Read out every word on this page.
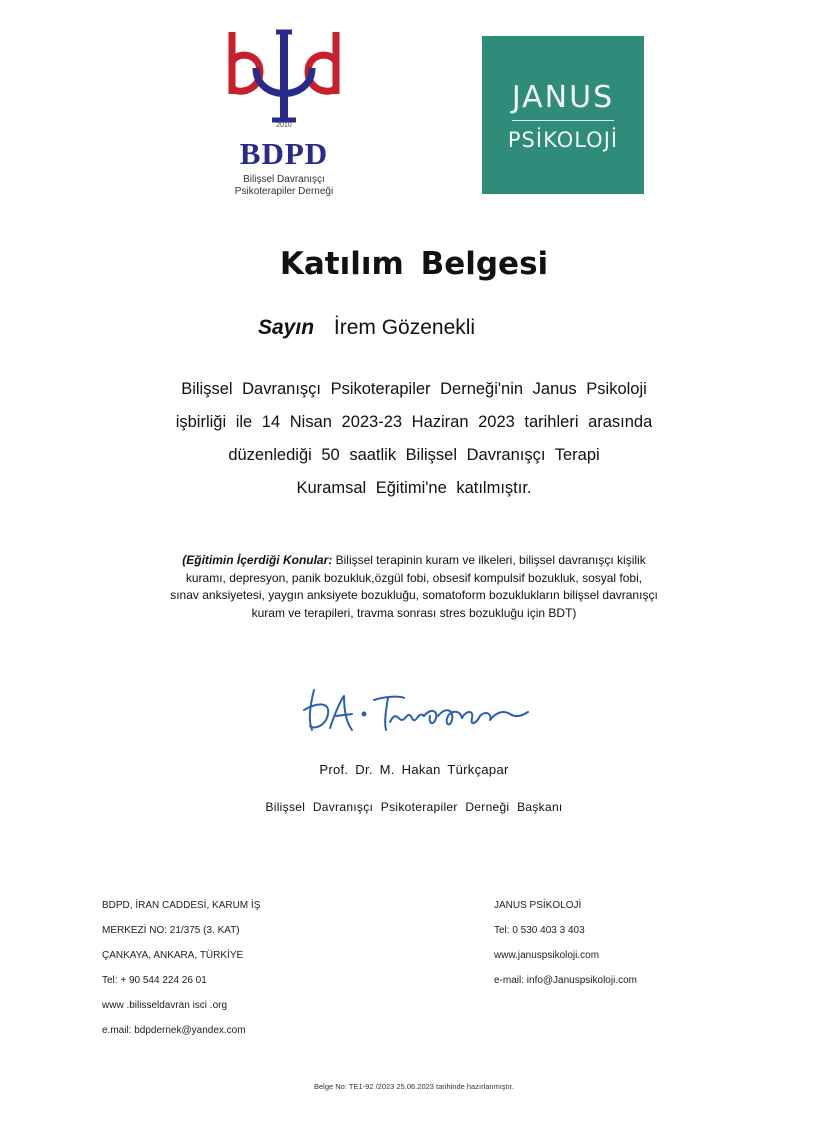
2010
BDPD
Bilişsel Davranışçı
Psikoterapiler Derneği
JANUS
PSİKOLOJİ
Katılım Belgesi
Sayın İrem Gözenekli
Bilişsel Davranışçı Psikoterapiler Derneği'nin Janus Psikoloji
işbirliği ile 14 Nisan 2023-23 Haziran 2023 tarihleri arasında
düzenlediği 50 saatlik Bilişsel Davranışçı Terapi
Kuramsal Eğitimi'ne katılmıştır.
(Eğitimin İçerdiği Konular: Bilişsel terapinin kuram ve ilkeleri, bilişsel davranışçı kişilik
kuramı, depresyon, panik bozukluk,özgül fobi, obsesif kompulsif bozukluk, sosyal fobi,
sınav anksiyetesi, yaygın anksiyete bozukluğu, somatoform bozuklukların bilişsel davranışçı
kuram ve terapileri, travma sonrası stres bozukluğu için BDT)
Prof. Dr. M. Hakan Türkçapar
Bilişsel Davranışçı Psikoterapiler Derneği Başkanı
BDPD, İRAN CADDESİ, KARUM İŞ
MERKEZİ NO: 21/375 (3. KAT)
ÇANKAYA, ANKARA, TÜRKİYE
Tel: + 90 544 224 26 01
www .bilisseldavran isci .org
e.mail: bdpdernek@yandex.com
JANUS PSİKOLOJİ
Tel: 0 530 403 3 403
www.januspsikoloji.com
e-mail: info@Januspsikoloji.com
Belge No: TE1-92 /2023 25.06.2023 tarihinde hazırlanmıştır.
